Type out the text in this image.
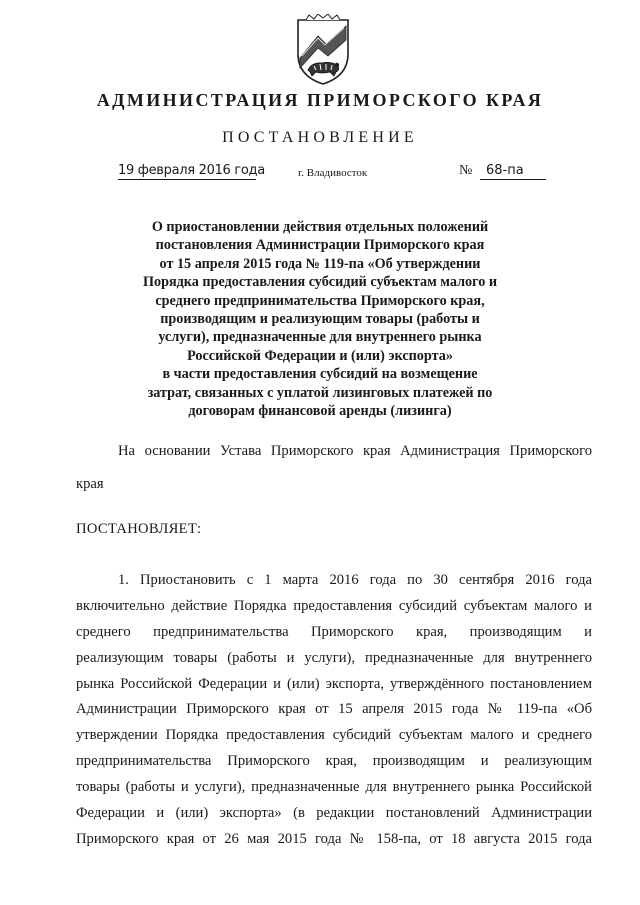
АДМИНИСТРАЦИЯ ПРИМОРСКОГО КРАЯ
ПОСТАНОВЛЕНИЕ
19 февраля 2016 года	г. Владивосток	№	68-па
О приостановлении действия отдельных положений
постановления Администрации Приморского края
от 15 апреля 2015 года № 119-па «Об утверждении
Порядка предоставления субсидий субъектам малого и
среднего предпринимательства Приморского края,
производящим и реализующим товары (работы и
услуги), предназначенные для внутреннего рынка
Российской Федерации и (или) экспорта»
в части предоставления субсидий на возмещение
затрат, связанных с уплатой лизинговых платежей по
договорам финансовой аренды (лизинга)
На основании Устава Приморского края Администрация Приморского
края
ПОСТАНОВЛЯЕТ:
1. Приостановить с 1 марта 2016 года по 30 сентября 2016 года
включительно действие Порядка предоставления субсидий субъектам малого и
среднего предпринимательства Приморского края, производящим и
реализующим товары (работы и услуги), предназначенные для внутреннего
рынка Российской Федерации и (или) экспорта, утверждённого постановлением
Администрации Приморского края от 15 апреля 2015 года № 119-па «Об
утверждении Порядка предоставления субсидий субъектам малого и среднего
предпринимательства Приморского края, производящим и реализующим
товары (работы и услуги), предназначенные для внутреннего рынка Российской
Федерации и (или) экспорта» (в редакции постановлений Администрации
Приморского края от 26 мая 2015 года № 158-па, от 18 августа 2015 года
